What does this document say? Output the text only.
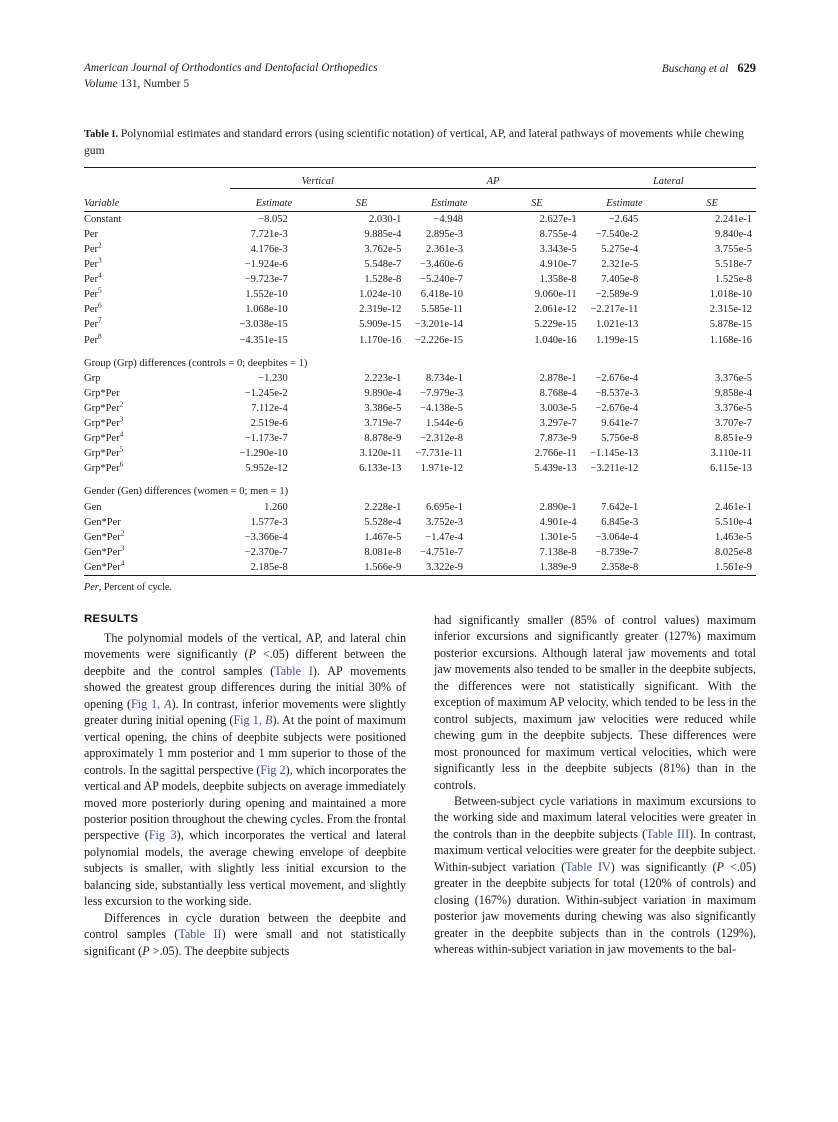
American Journal of Orthodontics and Dentofacial Orthopedics
Volume 131, Number 5
Buschang et al 629

Table I. Polynomial estimates and standard errors (using scientific notation) of vertical, AP, and lateral pathways of movements while chewing gum

	Vertical		AP		Lateral	
Variable	Estimate	SE	Estimate	SE	Estimate	SE
Constant	−8.052	2.030-1	−4.948	2.627e-1	−2.645	2.241e-1
Per	7.721e-3	9.885e-4	2.895e-3	8.755e-4	−7.540e-2	9.840e-4
Per$^2$	4.176e-3	3.762e-5	2.361e-3	3.343e-5	5.275e-4	3.755e-5
Per$^3$	−1.924e-6	5.548e-7	−3.460e-6	4.910e-7	2.321e-5	5.518e-7
Per$^4$	−9.723e-7	1.528e-8	−5.240e-7	1.358e-8	7.405e-8	1.525e-8
Per$^5$	1.552e-10	1.024e-10	6.418e-10	9.060e-11	−2.589e-9	1.018e-10
Per$^6$	1.068e-10	2.319e-12	5.585e-11	2.061e-12	−2.217e-11	2.315e-12
Per$^7$	−3.038e-15	5.909e-15	−3.201e-14	5.229e-15	1.021e-13	5.878e-15
Per$^8$	−4.351e-15	1.170e-16	−2.226e-15	1.040e-16	1.199e-15	1.168e-16
Group (Grp) differences (controls = 0; deepbites = 1)						
Grp	−1.230	2.223e-1	8.734e-1	2.878e-1	−2.676e-4	3.376e-5
Grp*Per	−1.245e-2	9.890e-4	−7.979e-3	8.768e-4	−8.537e-3	9.858e-4
Grp*Per$^2$	7.112e-4	3.386e-5	−4.138e-5	3.003e-5	−2.676e-4	3.376e-5
Grp*Per$^3$	2.519e-6	3.719e-7	1.544e-6	3.297e-7	9.641e-7	3.707e-7
Grp*Per$^4$	−1.173e-7	8.878e-9	−2.312e-8	7.873e-9	5.756e-8	8.851e-9
Grp*Per$^5$	−1.290e-10	3.120e-11	−7.731e-11	2.766e-11	−1.145e-13	3.110e-11
Grp*Per$^6$	5.952e-12	6.133e-13	1.971e-12	5.439e-13	−3.211e-12	6.115e-13
Gender (Gen) differences (women = 0; men = 1)						
Gen	1.260	2.228e-1	6.695e-1	2.890e-1	7.642e-1	2.461e-1
Gen*Per	1.577e-3	5.528e-4	3.752e-3	4.901e-4	6.845e-3	5.510e-4
Gen*Per$^2$	−3.366e-4	1.467e-5	−1.47e-4	1.301e-5	−3.064e-4	1.463e-5
Gen*Per$^3$	−2.370e-7	8.081e-8	−4.751e-7	7.138e-8	−8.739e-7	8.025e-8
Gen*Per$^4$	2.185e-8	1.566e-9	3.322e-9	1.389e-9	2.358e-8	1.561e-9

Per, Percent of cycle.

RESULTS

The polynomial models of the vertical, AP, and lateral chin movements were significantly (P <.05) different between the deepbite and the control samples (Table I). AP movements showed the greatest group differences during the initial 30% of opening (Fig 1, A). In contrast, inferior movements were slightly greater during initial opening (Fig 1, B). At the point of maximum vertical opening, the chins of deepbite subjects were positioned approximately 1 mm posterior and 1 mm superior to those of the controls. In the sagittal perspective (Fig 2), which incorporates the vertical and AP models, deepbite subjects on average immediately moved more posteriorly during opening and maintained a more posterior position throughout the chewing cycles. From the frontal perspective (Fig 3), which incorporates the vertical and lateral polynomial models, the average chewing envelope of deepbite subjects is smaller, with slightly less initial excursion to the balancing side, substantially less vertical movement, and slightly less excursion to the working side.

Differences in cycle duration between the deepbite and control samples (Table II) were small and not statistically significant (P >.05). The deepbite subjects

had significantly smaller (85% of control values) maximum inferior excursions and significantly greater (127%) maximum posterior excursions. Although lateral jaw movements and total jaw movements also tended to be smaller in the deepbite subjects, the differences were not statistically significant. With the exception of maximum AP velocity, which tended to be less in the control subjects, maximum jaw velocities were reduced while chewing gum in the deepbite subjects. These differences were most pronounced for maximum vertical velocities, which were significantly less in the deepbite subjects (81%) than in the controls.

Between-subject cycle variations in maximum excursions to the working side and maximum lateral velocities were greater in the controls than in the deepbite subjects (Table III). In contrast, maximum vertical velocities were greater for the deepbite subject. Within-subject variation (Table IV) was significantly (P <.05) greater in the deepbite subjects for total (120% of controls) and closing (167%) duration. Within-subject variation in maximum posterior jaw movements during chewing was also significantly greater in the deepbite subjects than in the controls (129%), whereas within-subject variation in jaw movements to the bal-
